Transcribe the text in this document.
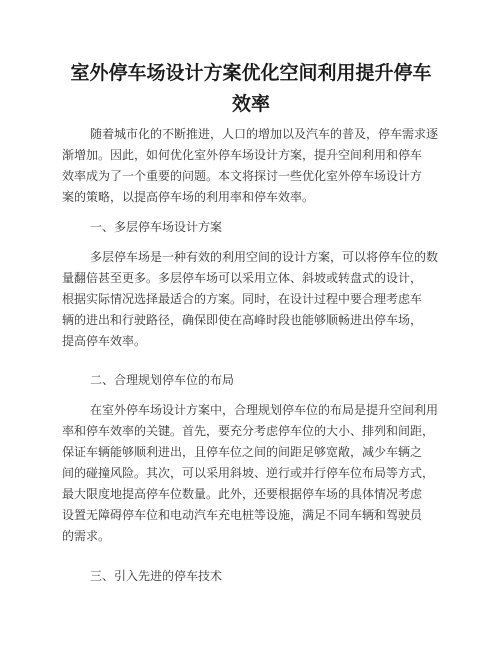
室外停车场设计方案优化空间利用提升停车
效率
随着城市化的不断推进，人口的增加以及汽车的普及，停车需求逐
渐增加。因此，如何优化室外停车场设计方案，提升空间利用和停车
效率成为了一个重要的问题。本文将探讨一些优化室外停车场设计方
案的策略，以提高停车场的利用率和停车效率。
一、多层停车场设计方案
多层停车场是一种有效的利用空间的设计方案，可以将停车位的数
量翻倍甚至更多。多层停车场可以采用立体、斜坡或转盘式的设计，
根据实际情况选择最适合的方案。同时，在设计过程中要合理考虑车
辆的进出和行驶路径，确保即使在高峰时段也能够顺畅进出停车场，
提高停车效率。
二、合理规划停车位的布局
在室外停车场设计方案中，合理规划停车位的布局是提升空间利用
率和停车效率的关键。首先，要充分考虑停车位的大小、排列和间距，
保证车辆能够顺利进出，且停车位之间的间距足够宽敞，减少车辆之
间的碰撞风险。其次，可以采用斜坡、逆行或并行停车位布局等方式，
最大限度地提高停车位数量。此外，还要根据停车场的具体情况考虑
设置无障碍停车位和电动汽车充电桩等设施，满足不同车辆和驾驶员
的需求。
三、引入先进的停车技术
